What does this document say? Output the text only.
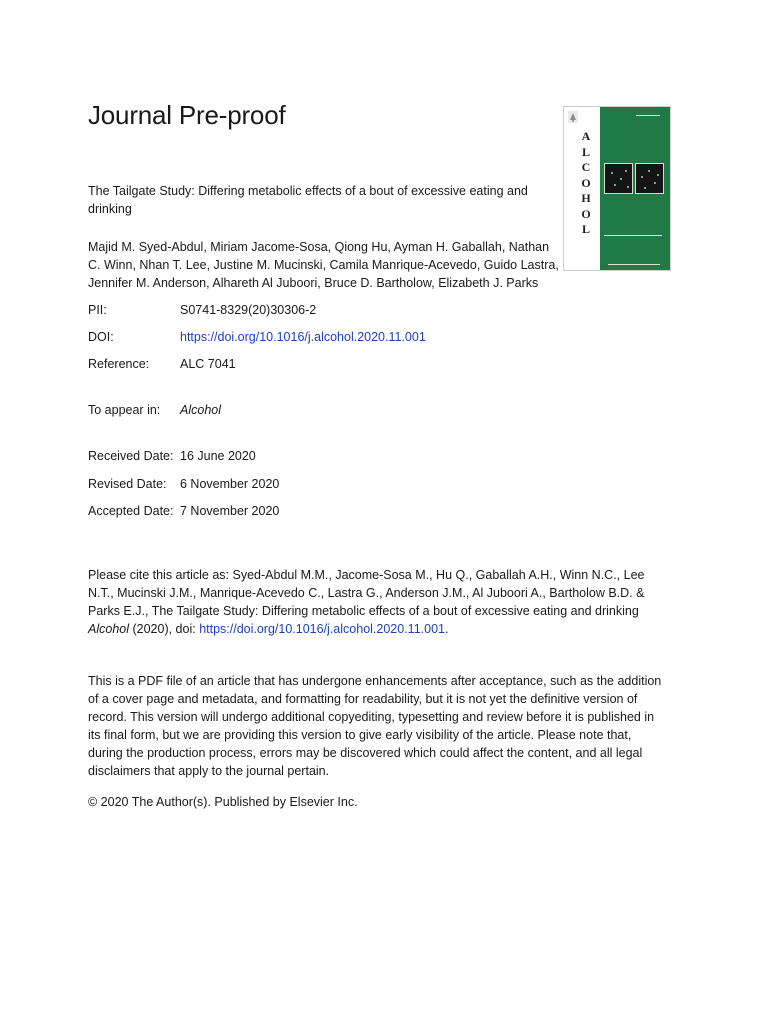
Journal Pre-proof
The Tailgate Study: Differing metabolic effects of a bout of excessive eating and drinking
A
L
C
O
H
O
L
Majid M. Syed-Abdul, Miriam Jacome-Sosa, Qiong Hu, Ayman H. Gaballah, Nathan C. Winn, Nhan T. Lee, Justine M. Mucinski, Camila Manrique-Acevedo, Guido Lastra, Jennifer M. Anderson, Alhareth Al Juboori, Bruce D. Bartholow, Elizabeth J. Parks
PII:	S0741-8329(20)30306-2
DOI:	https://doi.org/10.1016/j.alcohol.2020.11.001
Reference: ALC 7041
To appear in: Alcohol
Received Date: 16 June 2020
Revised Date: 6 November 2020
Accepted Date: 7 November 2020
Please cite this article as: Syed-Abdul M.M., Jacome-Sosa M., Hu Q., Gaballah A.H., Winn N.C., Lee N.T., Mucinski J.M., Manrique-Acevedo C., Lastra G., Anderson J.M., Al Juboori A., Bartholow B.D. & Parks E.J., The Tailgate Study: Differing metabolic effects of a bout of excessive eating and drinking Alcohol (2020), doi: https://doi.org/10.1016/j.alcohol.2020.11.001.
This is a PDF file of an article that has undergone enhancements after acceptance, such as the addition of a cover page and metadata, and formatting for readability, but it is not yet the definitive version of record. This version will undergo additional copyediting, typesetting and review before it is published in its final form, but we are providing this version to give early visibility of the article. Please note that, during the production process, errors may be discovered which could affect the content, and all legal disclaimers that apply to the journal pertain.
© 2020 The Author(s). Published by Elsevier Inc.
